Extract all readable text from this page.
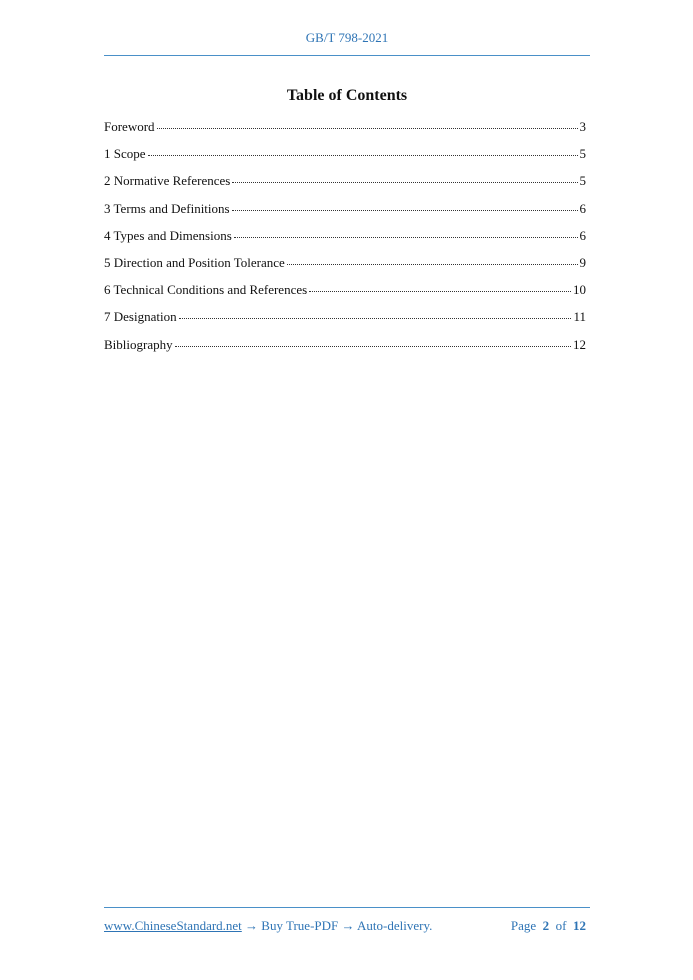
GB/T 798-2021
Table of Contents
Foreword	3
1 Scope	5
2 Normative References	5
3 Terms and Definitions	6
4 Types and Dimensions	6
5 Direction and Position Tolerance	9
6 Technical Conditions and References	10
7 Designation	11
Bibliography	12
www.ChineseStandard.net → Buy True-PDF → Auto-delivery.	Page 2 of 12
